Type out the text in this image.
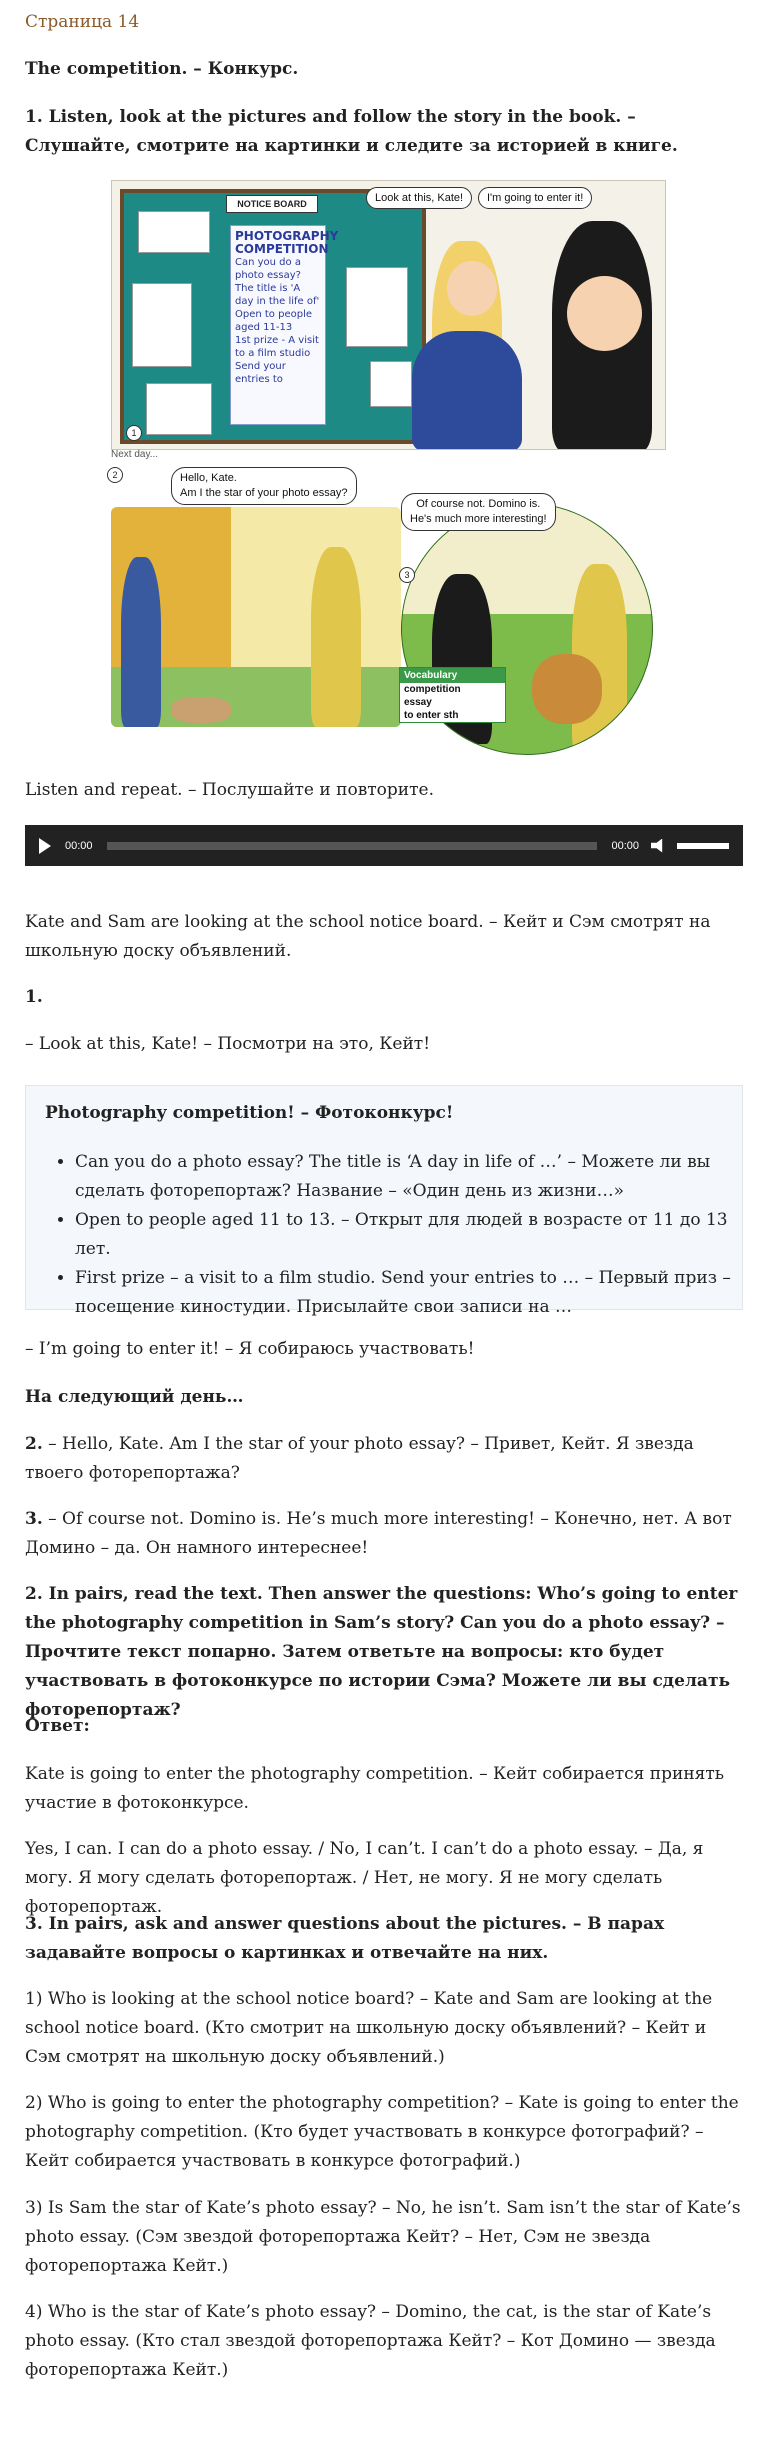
Страница 14

The competition. – Конкурс.

1. Listen, look at the pictures and follow the story in the book. – Слушайте, смотрите на картинки и следите за историей в книге.

NOTICE BOARD
PHOTOGRAPHY COMPETITION
Can you do a photo essay?
The title is 'A day in the life of'
Open to people aged 11-13
1st prize - A visit to a film studio
Send your entries to
1
Look at this, Kate!	I'm going to enter it!
Next day...
Hello, Kate.
Am I the star of your photo essay?
2
3
Of course not. Domino is.
He's much more interesting!
Vocabulary
competition
essay
to enter sth

Listen and repeat. – Послушайте и повторите.

00:00	00:00

Kate and Sam are looking at the school notice board. – Кейт и Сэм смотрят на школьную доску объявлений.

1.

– Look at this, Kate! – Посмотри на это, Кейт!

Photography competition! – Фотоконкурс!
• Can you do a photo essay? The title is ‘A day in life of …’ – Можете ли вы сделать фоторепортаж? Название – «Один день из жизни…»
• Open to people aged 11 to 13. – Открыт для людей в возрасте от 11 до 13 лет.
• First prize – a visit to a film studio. Send your entries to … – Первый приз – посещение киностудии. Присылайте свои записи на …

– I’m going to enter it! – Я собираюсь участвовать!

На следующий день…

2. – Hello, Kate. Am I the star of your photo essay? – Привет, Кейт. Я звезда твоего фоторепортажа?

3. – Of course not. Domino is. He’s much more interesting! – Конечно, нет. А вот Домино – да. Он намного интереснее!

2. In pairs, read the text. Then answer the questions: Who’s going to enter the photography competition in Sam’s story? Can you do a photo essay? – Прочтите текст попарно. Затем ответьте на вопросы: кто будет участвовать в фотоконкурсе по истории Сэма? Можете ли вы сделать фоторепортаж?

Ответ:

Kate is going to enter the photography competition. – Кейт собирается принять участие в фотоконкурсе.

Yes, I can. I can do a photo essay. / No, I can’t. I can’t do a photo essay. – Да, я могу. Я могу сделать фоторепортаж. / Нет, не могу. Я не могу сделать фоторепортаж.

3. In pairs, ask and answer questions about the pictures. – В парах задавайте вопросы о картинках и отвечайте на них.

1) Who is looking at the school notice board? – Kate and Sam are looking at the school notice board. (Кто смотрит на школьную доску объявлений? – Кейт и Сэм смотрят на школьную доску объявлений.)

2) Who is going to enter the photography competition? – Kate is going to enter the photography competition. (Кто будет участвовать в конкурсе фотографий? – Кейт собирается участвовать в конкурсе фотографий.)

3) Is Sam the star of Kate’s photo essay? – No, he isn’t. Sam isn’t the star of Kate’s photo essay. (Сэм звездой фоторепортажа Кейт? – Нет, Сэм не звезда фоторепортажа Кейт.)

4) Who is the star of Kate’s photo essay? – Domino, the cat, is the star of Kate’s photo essay. (Кто стал звездой фоторепортажа Кейт? – Кот Домино — звезда фоторепортажа Кейт.)
